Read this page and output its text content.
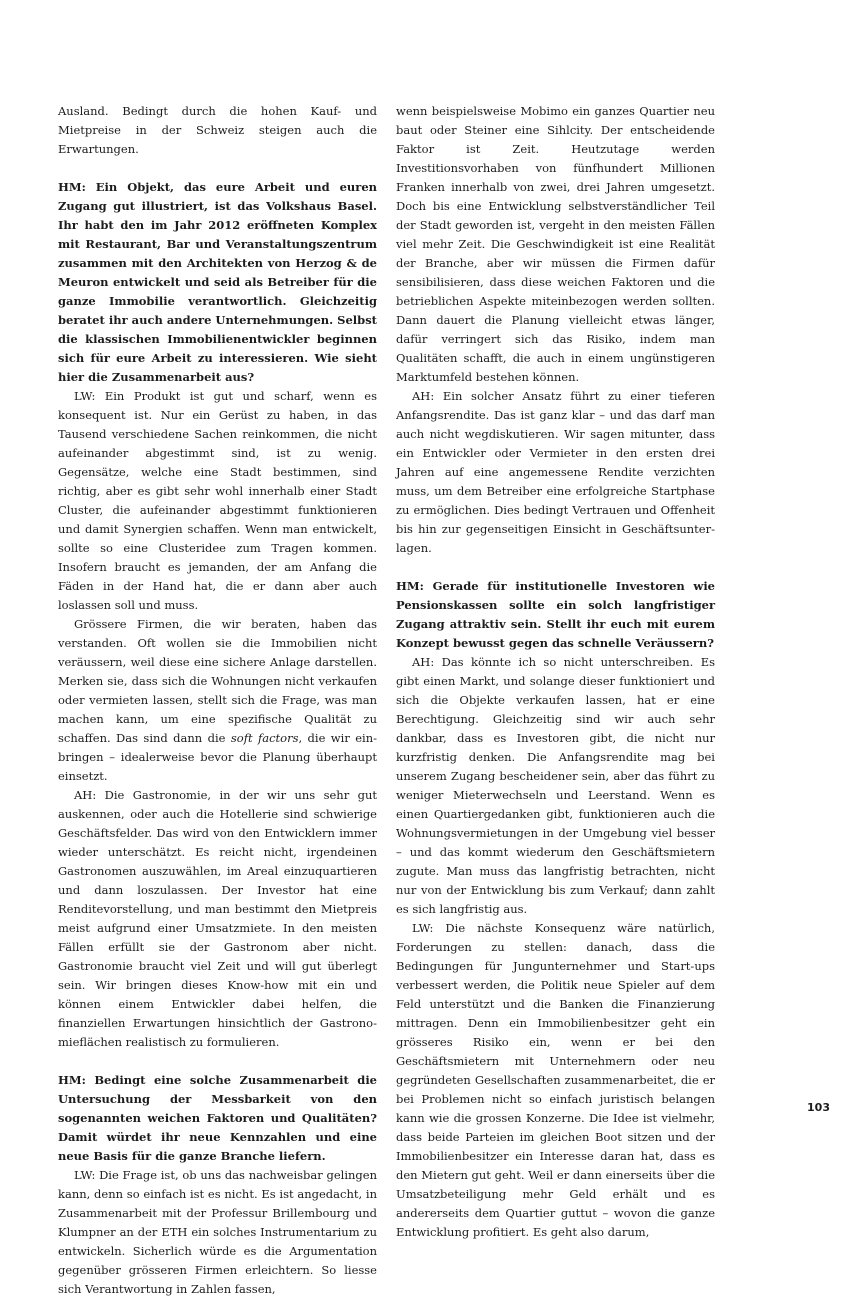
Ausland. Bedingt durch die hohen Kauf- und Mietpreise in der Schweiz steigen auch die Erwartungen.

HM: Ein Objekt, das eure Arbeit und euren Zugang gut illustriert, ist das Volkshaus Basel. Ihr habt den im Jahr 2012 eröffneten Komplex mit Restaurant, Bar und Veranstaltungszentrum zusammen mit den Architekten von Herzog & de Meuron entwickelt und seid als Betreiber für die ganze Immobilie verantwortlich. Gleichzeitig beratet ihr auch andere Unternehmungen. Selbst die klassischen Immobilienentwickler beginnen sich für eure Arbeit zu interessieren. Wie sieht hier die Zusammenarbeit aus?

LW: Ein Produkt ist gut und scharf, wenn es konsequent ist. Nur ein Gerüst zu haben, in das Tausend verschiedene Sachen reinkommen, die nicht aufeinander abgestimmt sind, ist zu wenig. Gegensätze, welche eine Stadt bestimmen, sind richtig, aber es gibt sehr wohl innerhalb einer Stadt Cluster, die aufeinander abgestimmt funktionieren und damit Synergien schaffen. Wenn man entwickelt, sollte so eine Clusteridee zum Tragen kommen. Insofern braucht es jemanden, der am Anfang die Fäden in der Hand hat, die er dann aber auch loslassen soll und muss.

Grössere Firmen, die wir beraten, haben das verstanden. Oft wollen sie die Immobilien nicht veräussern, weil diese eine sichere Anlage darstellen. Merken sie, dass sich die Wohnungen nicht verkaufen oder vermieten lassen, stellt sich die Frage, was man machen kann, um eine spezifische Qualität zu schaffen. Das sind dann die soft factors, die wir einbringen – idealerweise bevor die Planung überhaupt einsetzt.

AH: Die Gastronomie, in der wir uns sehr gut auskennen, oder auch die Hotellerie sind schwierige Geschäftsfelder. Das wird von den Entwicklern immer wieder unterschätzt. Es reicht nicht, irgendeinen Gastronomen auszuwählen, im Areal einzuquartieren und dann loszulassen. Der Investor hat eine Renditevorstellung, und man bestimmt den Mietpreis meist aufgrund einer Umsatzmiete. In den meisten Fällen erfüllt sie der Gastronom aber nicht. Gastronomie braucht viel Zeit und will gut überlegt sein. Wir bringen dieses Know-how mit ein und können einem Entwickler dabei helfen, die finanziellen Erwartungen hinsichtlich der Gastronomieflächen realistisch zu formulieren.

HM: Bedingt eine solche Zusammenarbeit die Untersuchung der Messbarkeit von den sogenannten weichen Faktoren und Qualitäten? Damit würdet ihr neue Kennzahlen und eine neue Basis für die ganze Branche liefern.

LW: Die Frage ist, ob uns das nachweisbar gelingen kann, denn so einfach ist es nicht. Es ist angedacht, in Zusammenarbeit mit der Professur Brillembourg und Klumpner an der ETH ein solches Instrumentarium zu entwickeln. Sicherlich würde es die Argumentation gegenüber grösseren Firmen erleichtern. So liesse sich Verantwortung in Zahlen fassen,

wenn beispielsweise Mobimo ein ganzes Quartier neu baut oder Steiner eine Sihlcity. Der entscheidende Faktor ist Zeit. Heutzutage werden Investitionsvorhaben von fünfhundert Millionen Franken innerhalb von zwei, drei Jahren umgesetzt. Doch bis eine Entwicklung selbstverständlicher Teil der Stadt geworden ist, vergeht in den meisten Fällen viel mehr Zeit. Die Geschwindigkeit ist eine Realität der Branche, aber wir müssen die Firmen dafür sensibilisieren, dass diese weichen Faktoren und die betrieblichen Aspekte miteinbezogen werden sollten. Dann dauert die Planung vielleicht etwas länger, dafür verringert sich das Risiko, indem man Qualitäten schafft, die auch in einem ungünstigeren Marktumfeld bestehen können.

AH: Ein solcher Ansatz führt zu einer tieferen Anfangsrendite. Das ist ganz klar – und das darf man auch nicht wegdiskutieren. Wir sagen mitunter, dass ein Entwickler oder Vermieter in den ersten drei Jahren auf eine angemessene Rendite verzichten muss, um dem Betreiber eine erfolgreiche Startphase zu ermöglichen. Dies bedingt Vertrauen und Offenheit bis hin zur gegenseitigen Einsicht in Geschäftsunterlagen.

HM: Gerade für institutionelle Investoren wie Pensionskassen sollte ein solch langfristiger Zugang attraktiv sein. Stellt ihr euch mit eurem Konzept bewusst gegen das schnelle Veräussern?

AH: Das könnte ich so nicht unterschreiben. Es gibt einen Markt, und solange dieser funktioniert und sich die Objekte verkaufen lassen, hat er eine Berechtigung. Gleichzeitig sind wir auch sehr dankbar, dass es Investoren gibt, die nicht nur kurzfristig denken. Die Anfangsrendite mag bei unserem Zugang bescheidener sein, aber das führt zu weniger Mieterwechseln und Leerstand. Wenn es einen Quartiergedanken gibt, funktionieren auch die Wohnungsvermietungen in der Umgebung viel besser – und das kommt wiederum den Geschäftsmietern zugute. Man muss das langfristig betrachten, nicht nur von der Entwicklung bis zum Verkauf; dann zahlt es sich langfristig aus.

LW: Die nächste Konsequenz wäre natürlich, Forderungen zu stellen: danach, dass die Bedingungen für Jungunternehmer und Start-ups verbessert werden, die Politik neue Spieler auf dem Feld unterstützt und die Banken die Finanzierung mittragen. Denn ein Immobilienbesitzer geht ein grösseres Risiko ein, wenn er bei den Geschäftsmietern mit Unternehmern oder neu gegründeten Gesellschaften zusammenarbeitet, die er bei Problemen nicht so einfach juristisch belangen kann wie die grossen Konzerne. Die Idee ist vielmehr, dass beide Parteien im gleichen Boot sitzen und der Immobilienbesitzer ein Interesse daran hat, dass es den Mietern gut geht. Weil er dann einerseits über die Umsatzbeteiligung mehr Geld erhält und es andererseits dem Quartier guttut – wovon die ganze Entwicklung profitiert. Es geht also darum,

103
